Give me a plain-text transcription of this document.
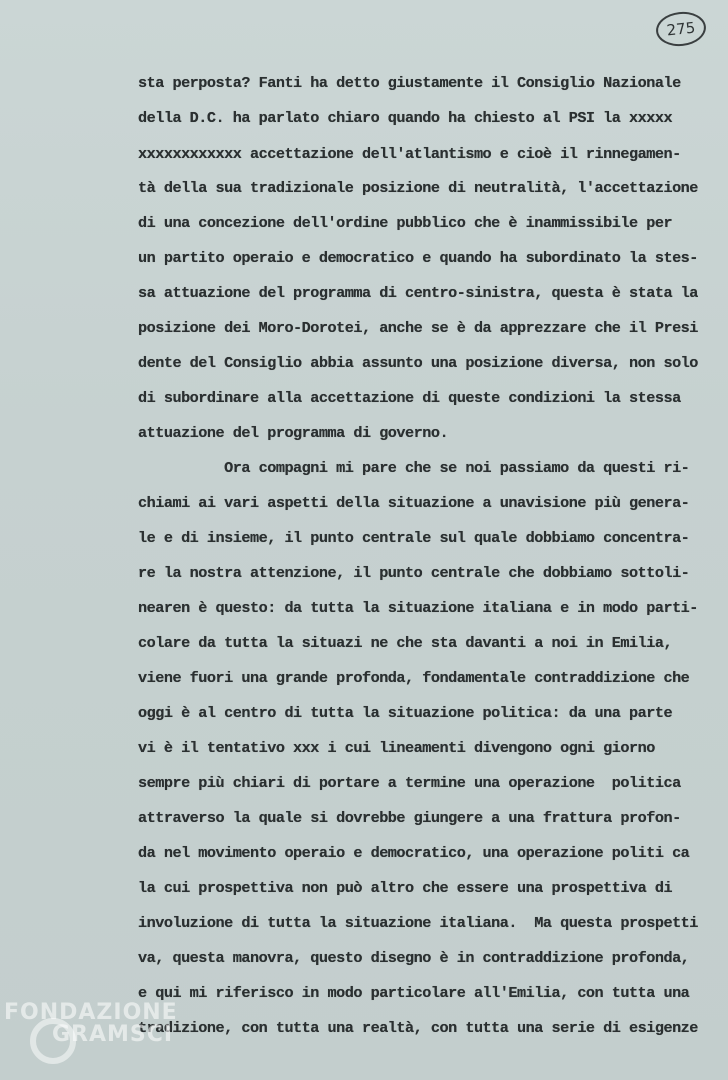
275
sta perposta? Fanti ha detto giustamente il Consiglio Nazionale
della D.C. ha parlato chiaro quando ha chiesto al PSI la xxxxx
xxxxxxxxxxxx accettazione dell'atlantismo e cioè il rinnegamen-
tà della sua tradizionale posizione di neutralità, l'accettazione
di una concezione dell'ordine pubblico che è inammissibile per
un partito operaio e democratico e quando ha subordinato la stes-
sa attuazione del programma di centro-sinistra, questa è stata la
posizione dei Moro-Dorotei, anche se è da apprezzare che il Presi
dente del Consiglio abbia assunto una posizione diversa, non solo
di subordinare alla accettazione di queste condizioni la stessa
attuazione del programma di governo.
Ora compagni mi pare che se noi passiamo da questi ri-
chiami ai vari aspetti della situazione a unavisione più genera-
le e di insieme, il punto centrale sul quale dobbiamo concentra-
re la nostra attenzione, il punto centrale che dobbiamo sottoli-
nearen è questo: da tutta la situazione italiana e in modo parti-
colare da tutta la situazi ne che sta davanti a noi in Emilia,
viene fuori una grande profonda, fondamentale contraddizione che
oggi è al centro di tutta la situazione politica: da una parte
vi è il tentativo xxx i cui lineamenti divengono ogni giorno
sempre più chiari di portare a termine una operazione  politica
attraverso la quale si dovrebbe giungere a una frattura profon-
da nel movimento operaio e democratico, una operazione politi ca
la cui prospettiva non può altro che essere una prospettiva di
involuzione di tutta la situazione italiana.  Ma questa prospetti
va, questa manovra, questo disegno è in contraddizione profonda,
e qui mi riferisco in modo particolare all'Emilia, con tutta una
tradizione, con tutta una realtà, con tutta una serie di esigenze
FONDAZIONE
GRAMSCI
